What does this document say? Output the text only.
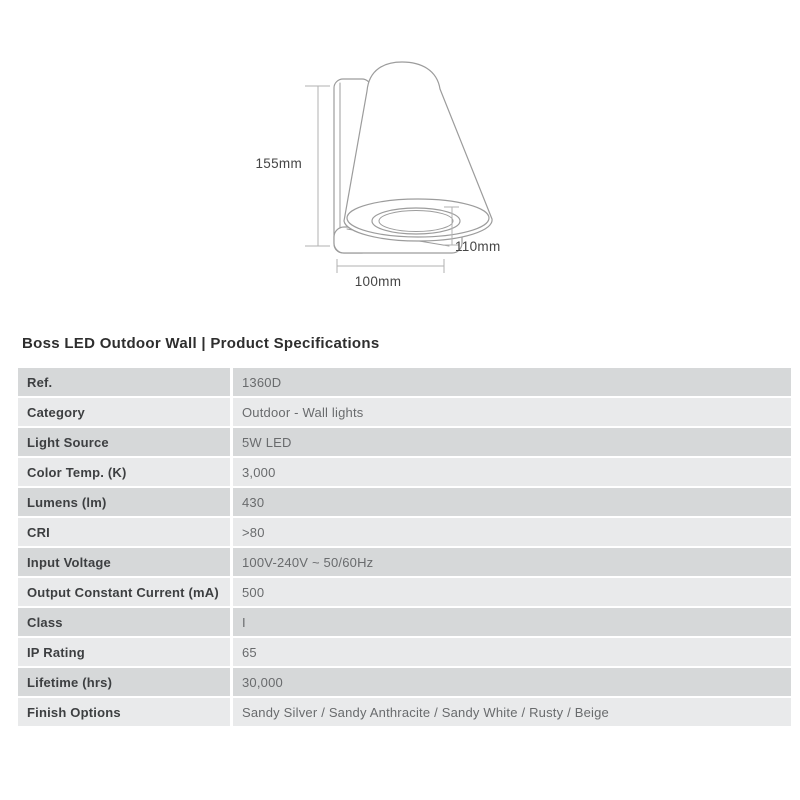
155mm
110mm
100mm
Boss LED Outdoor Wall | Product Specifications
Ref.	1360D
Category	Outdoor - Wall lights
Light Source	5W LED
Color Temp. (K)	3,000
Lumens (lm)	430
CRI	>80
Input Voltage	100V-240V ~ 50/60Hz
Output Constant Current (mA)	500
Class	I
IP Rating	65
Lifetime (hrs)	30,000
Finish Options	Sandy Silver / Sandy Anthracite / Sandy White / Rusty / Beige
